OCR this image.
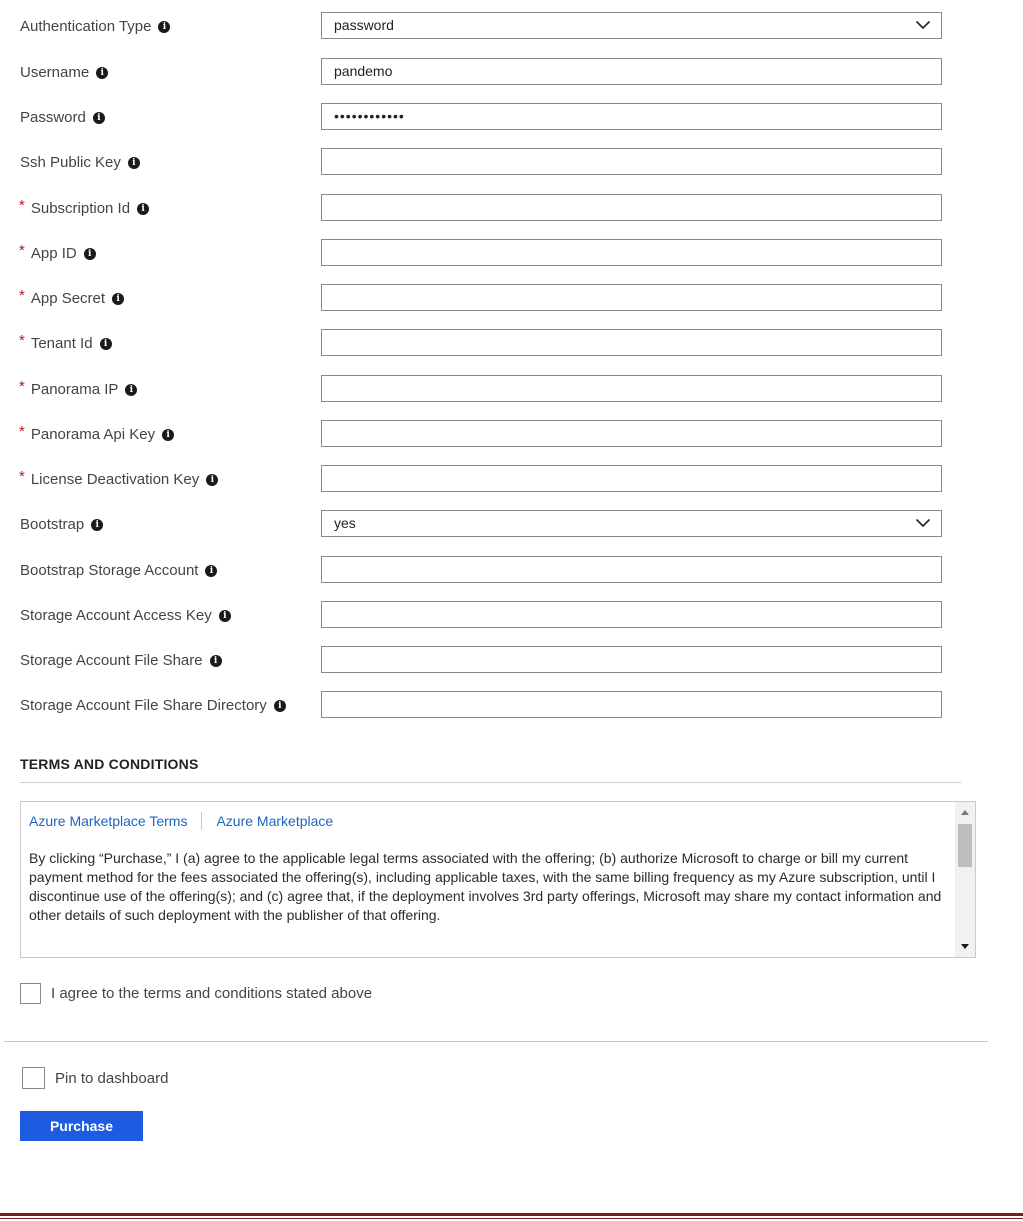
Authentication Type	i	password
Username	i	pandemo
Password	i	••••••••••••
Ssh Public Key	i
* Subscription Id	i
* App ID	i
* App Secret	i
* Tenant Id	i
* Panorama IP	i
* Panorama Api Key	i
* License Deactivation Key	i
Bootstrap	i	yes
Bootstrap Storage Account	i
Storage Account Access Key	i
Storage Account File Share	i
Storage Account File Share Directory	i
TERMS AND CONDITIONS
Azure Marketplace Terms Azure Marketplace
By clicking “Purchase,” I (a) agree to the applicable legal terms associated with the offering; (b) authorize Microsoft to charge or bill my current payment method for the fees associated the offering(s), including applicable taxes, with the same billing frequency as my Azure subscription, until I discontinue use of the offering(s); and (c) agree that, if the deployment involves 3rd party offerings, Microsoft may share my contact information and other details of such deployment with the publisher of that offering.
I agree to the terms and conditions stated above
Pin to dashboard
Purchase
